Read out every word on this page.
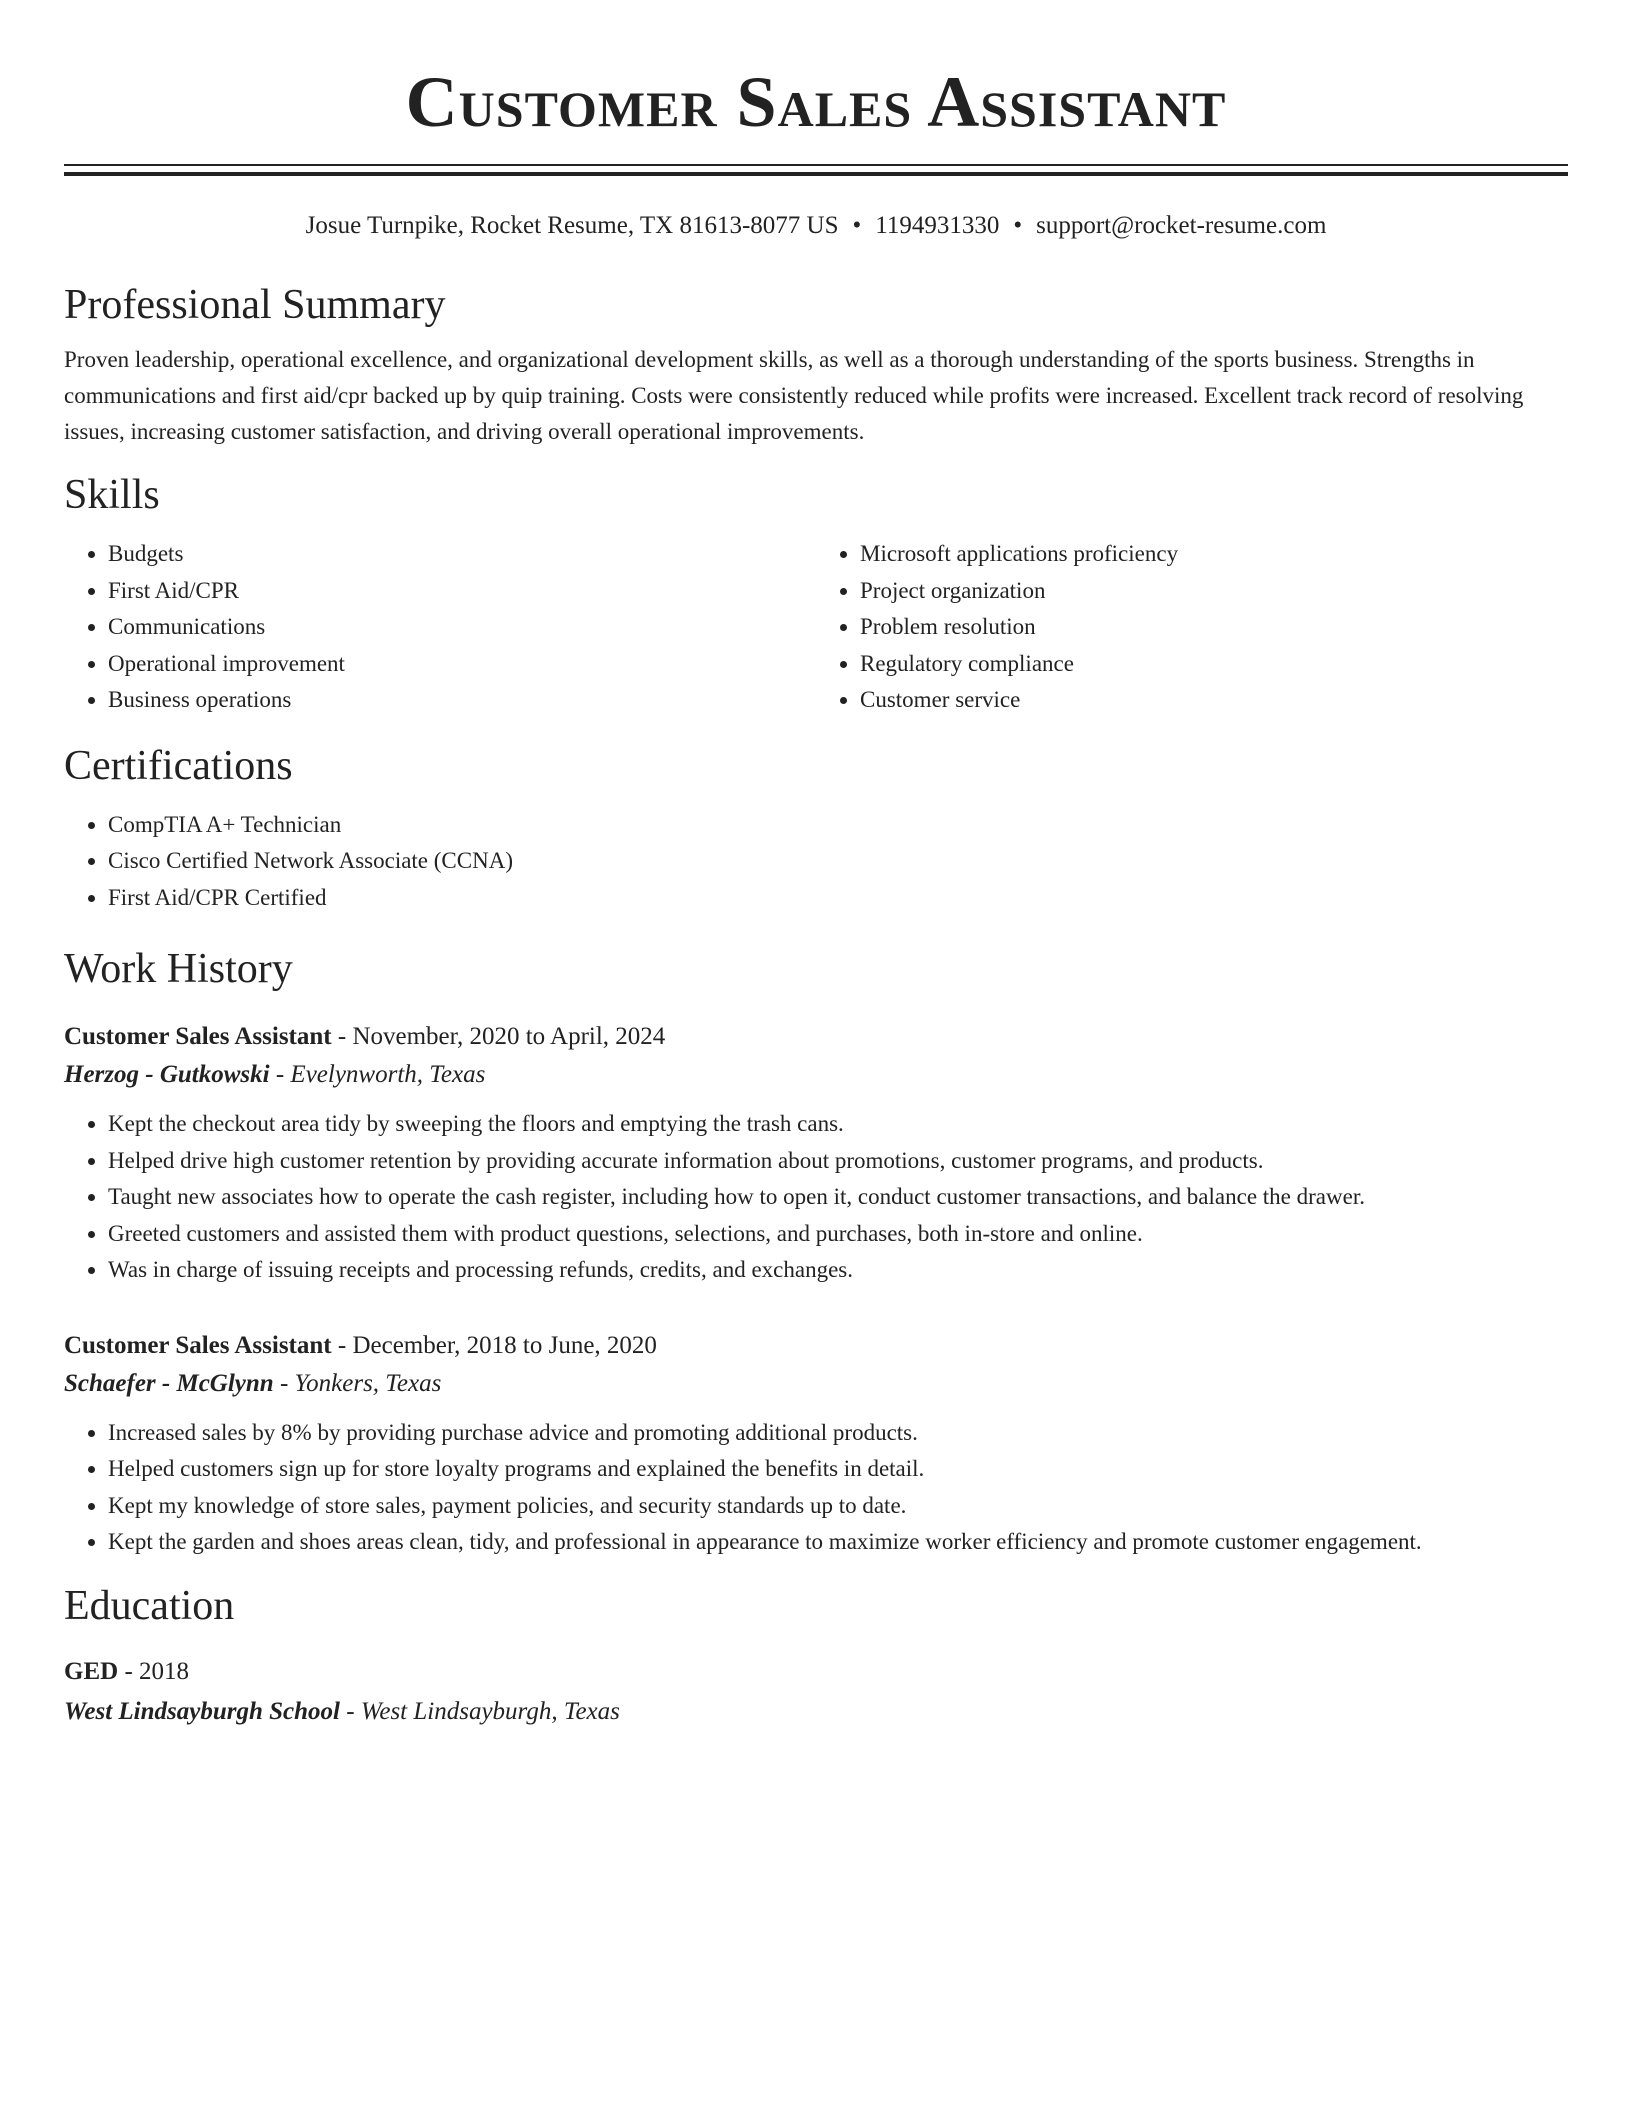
Customer Sales Assistant
Josue Turnpike, Rocket Resume, TX 81613-8077 US • 1194931330 • support@rocket-resume.com
Professional Summary

Proven leadership, operational excellence, and organizational development skills, as well as a thorough understanding of the sports business. Strengths in communications and first aid/cpr backed up by quip training. Costs were consistently reduced while profits were increased. Excellent track record of resolving issues, increasing customer satisfaction, and driving overall operational improvements.

Skills
• Budgets
• First Aid/CPR
• Communications
• Operational improvement
• Business operations
• Microsoft applications proficiency
• Project organization
• Problem resolution
• Regulatory compliance
• Customer service
Certifications
• CompTIA A+ Technician
• Cisco Certified Network Associate (CCNA)
• First Aid/CPR Certified
Work History
Customer Sales Assistant - November, 2020 to April, 2024
Herzog - Gutkowski - Evelynworth, Texas
• Kept the checkout area tidy by sweeping the floors and emptying the trash cans.
• Helped drive high customer retention by providing accurate information about promotions, customer programs, and products.
• Taught new associates how to operate the cash register, including how to open it, conduct customer transactions, and balance the drawer.
• Greeted customers and assisted them with product questions, selections, and purchases, both in-store and online.
• Was in charge of issuing receipts and processing refunds, credits, and exchanges.
Customer Sales Assistant - December, 2018 to June, 2020
Schaefer - McGlynn - Yonkers, Texas
• Increased sales by 8% by providing purchase advice and promoting additional products.
• Helped customers sign up for store loyalty programs and explained the benefits in detail.
• Kept my knowledge of store sales, payment policies, and security standards up to date.
• Kept the garden and shoes areas clean, tidy, and professional in appearance to maximize worker efficiency and promote customer engagement.
Education
GED - 2018
West Lindsayburgh School - West Lindsayburgh, Texas
